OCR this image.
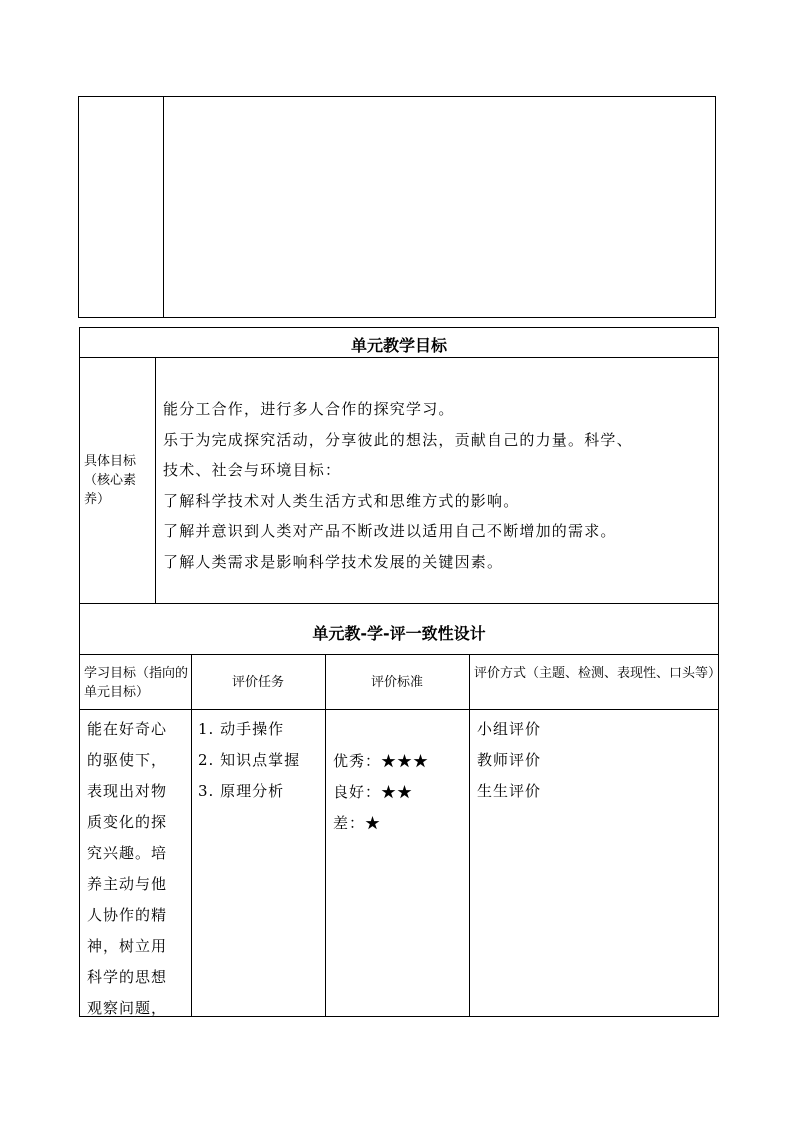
单元教学目标
具体目标（核心素养）
能分工合作，进行多人合作的探究学习。
乐于为完成探究活动，分享彼此的想法，贡献自己的力量。科学、
技术、社会与环境目标：
了解科学技术对人类生活方式和思维方式的影响。
了解并意识到人类对产品不断改进以适用自己不断增加的需求。
了解人类需求是影响科学技术发展的关键因素。
单元教-学-评一致性设计
学习目标（指向的单元目标）
评价任务	评价标准
评价方式（主题、检测、表现性、口头等）
能在好奇心
的驱使下，
表现出对物
质变化的探
究兴趣。培
养主动与他
人协作的精
神，树立用
科学的思想
观察问题，
1. 动手操作
2. 知识点掌握
3. 原理分析
优秀：★★★
良好：★★
差：★
小组评价
教师评价
生生评价
